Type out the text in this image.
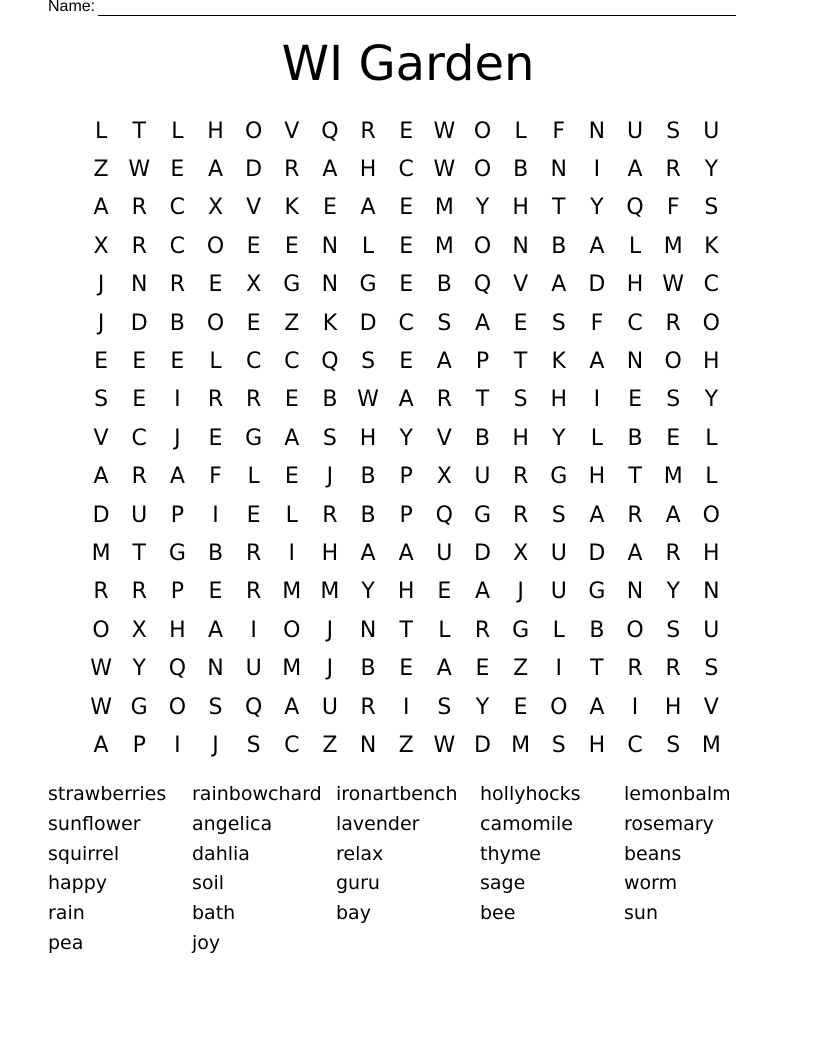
Name:
WI Garden
L	T	L	H O V Q R	E W O	L	F	N U	S	U
Z W E	A	D	R	A	H	C W O B	N	I	A	R	Y
A	R	C	X	V	K	E	A	E M Y	H	T	Y	Q	F	S
X	R	C O	E	E	N	L	E M O N	B	A	L	M K
J	N	R	E	X	G N G	E	B Q V	A	D H W C
J	D	B O	E	Z	K	D C	S	A	E	S	F	C	R O
E	E	E	L	C	C Q	S	E	A	P	T	K	A	N O H
S	E	I	R	R	E	B W A	R	T	S	H	I	E	S	Y
V	C	J	E	G	A	S	H	Y	V	B	H	Y	L	B	E	L
A	R	A	F	L	E	J	B	P	X	U	R G H	T M	L
D U	P	I	E	L	R	B	P	Q G R	S	A	R	A O
M T	G	B	R	I	H	A	A	U D	X	U D	A	R	H
R	R	P	E	R M M Y	H	E	A	J	U G N	Y	N
O X	H	A	I	O	J	N	T	L	R G	L	B O	S	U
W Y	Q N U M	J	B	E	A	E	Z	I	T	R	R	S
W G O	S	Q A	U	R	I	S	Y	E	O A	I	H	V
A	P	I	J	S	C	Z	N	Z W D M S	H	C	S M
strawberries	rainbowchard ironartbench	hollyhocks	lemonbalm
sunflower	angelica	lavender	camomile	rosemary
squirrel	dahlia	relax	thyme	beans
happy	soil	guru	sage	worm
rain	bath	bay	bee	sun
pea	joy
